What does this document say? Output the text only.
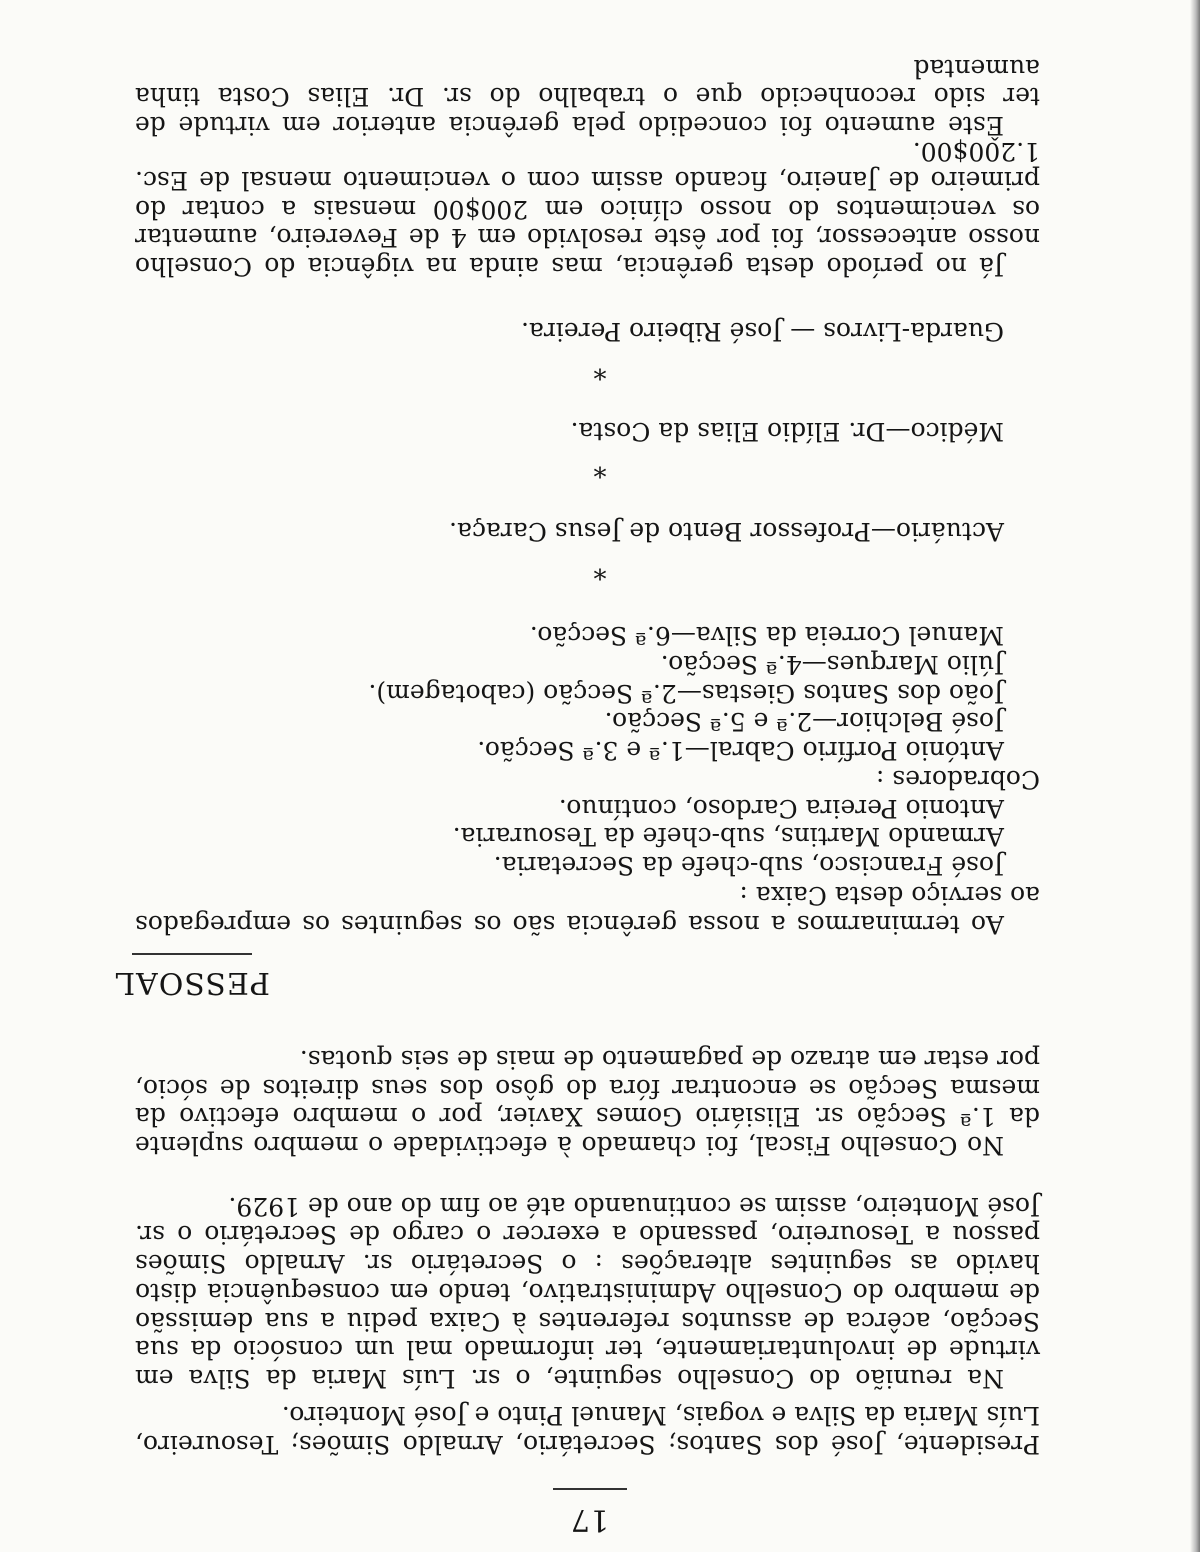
17

Presidente, José dos Santos; Secretário, Arnaldo Simões; Tesoureiro, Luís Maria da Silva e vogais, Manuel Pinto e José Monteiro.

Na reunião do Conselho seguinte, o sr. Luís Maria da Silva em virtude de involuntariamente, ter informado mal um consócio da sua Secção, acêrca de assuntos referentes à Caixa pediu a sua demissão de membro do Conselho Administrativo, tendo em consequência disto havido as seguintes alterações : o Secretário sr. Arnaldo Simões passou a Tesoureiro, passando a exercer o cargo de Secretário o sr. José Monteiro, assim se continuando até ao fim do ano de 1929.

No Conselho Fiscal, foi chamado à efectividade o membro suplente da 1.ª Secção sr. Elisiário Gomes Xavier, por o membro efectivo da mesma Secção se encontrar fóra do gôso dos seus direitos de sócio, por estar em atrazo de pagamento de mais de seis quotas.

PESSOAL

Ao terminarmos a nossa gerência são os seguintes os empregados ao serviço desta Caixa :

José Francisco, sub-chefe da Secretaria.
Armando Martins, sub-chefe da Tesouraria.
Antonio Pereira Cardoso, contínuo.
Cobradores :
António Porfírio Cabral—1.ª e 3.ª Secção.
José Belchior—2.ª e 5.ª Secção.
João dos Santos Giestas—2.ª Secção (cabotagem).
Júlio Marques—4.ª Secção.
Manuel Correia da Silva—6.ª Secção.
*
Actuário—Professor Bento de Jesus Caraça.
*
Médico—Dr. Elídio Elias da Costa.
*
Guarda-Livros — José Ribeiro Pereira.

Já no período desta gerência, mas ainda na vigência do Conselho nosso antecessor, foi por êste resolvido em 4 de Fevereiro, aumentar os vencimentos do nosso clínico em 200$00 mensais a contar do primeiro de Janeiro, ficando assim com o vencimento mensal de Esc. 1.200$00.

Êste aumento foi concedido pela gerência anterior em virtude de ter sido reconhecido que o trabalho do sr. Dr. Elias Costa tinha aumentad
